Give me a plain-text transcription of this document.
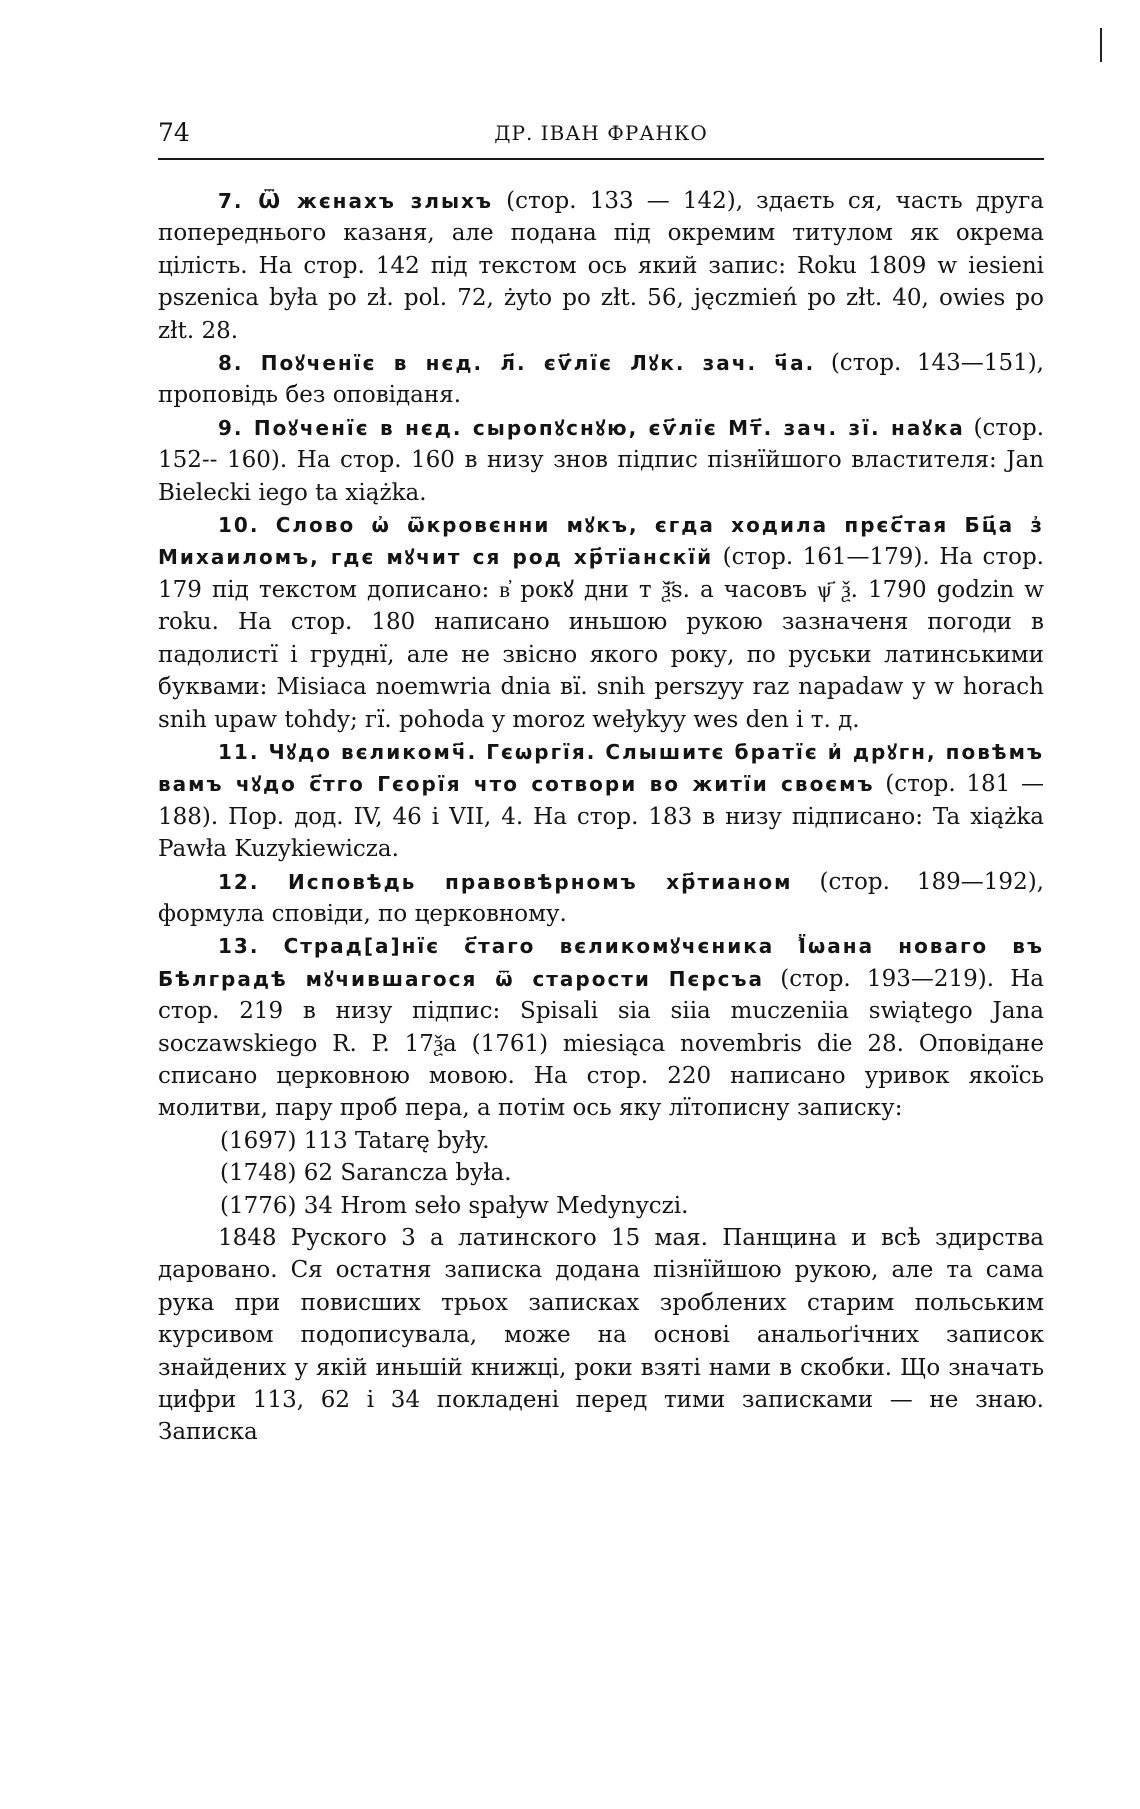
74	ДР. ІВАН ФРАНКО

7. Ѿ жєнахъ злыхъ (стор. 133 — 142), здаєть ся, часть друга попереднього казаня, але подана під окремим титулом як окрема цілість. На стор. 142 під текстом ось який запис: Roku 1809 w iesieni pszenica była po zł. pol. 72, żyto po złt. 56, jęczmień po złt. 40, owies po złt. 28.

8. Поꙋченїє в нєд. л҃. єѵ҃лїє Лꙋк. зач. ч҃а. (стор. 143—151), проповідь без оповіданя.

9. Поꙋченїє в нєд. сыропꙋснꙋю, єѵ҃лїє Мт҃. зач. зї. наꙋка (стор. 152-- 160). На стор. 160 в низу знов підпис пізнїйшого властителя: Jan Bielecki iego ta xiążka.

10. Слово ѡ҆ ѿкровєнни мꙋкъ, єгда ходила прєс҃тая Бц҃а з҆ Михаиломъ, гдє мꙋчит ся род хр҃тїанскїй (стор. 161—179). На стор. 179 під текстом дописано: в҆ рокꙋ дни т ѯ҃ѕ. а часовъ ѱ҃ ѯ. 1790 godzin w roku. На стор. 180 написано иньшою рукою зазначеня погоди в падолистї і груднї, але не звісно якого року, по руськи латинськими буквами: Misiaca noemwria dnia вї. snih perszyy raz napadaw y w horach snih upaw tohdy; гї. pohoda y moroz wełykyy wes den i т. д.

11. Чꙋдо вєликомч҃. Гєѡргїя. Слышитє братїє и҆ дрꙋгн, повѣмъ вамъ чꙋдо с҃тго Гєорїя что сотвори во житїи своємъ (стор. 181 — 188). Пор. дод. IV, 46 і VII, 4. На стор. 183 в низу підписано: Ta xiążka Pawła Kuzykiewicza.

12. Исповѣдь правовѣрномъ хр҃тианом (стор. 189—192), формула сповіди, по церковному.

13. Страд[а]нїє с҃таго вєликомꙋчєника Ї҆ѡана новаго въ Бѣлградѣ мꙋчившагося ѿ старости Пєрсъа (стор. 193—219). На стор. 219 в низу підпис: Spisali sia siia muczeniia swiątego Jana soczawskiego R. P. 17ѯа (1761) miesiąca novembris die 28. Оповідане списано церковною мовою. На стор. 220 написано уривок якоїсь молитви, пару проб пера, а потім ось яку лїтописну записку:

(1697) 113 Tatarę były.

(1748) 62 Sarancza była.

(1776) 34 Hrom seło spaływ Medynyczi.

1848 Руского 3 а латинского 15 мая. Панщина и всѣ здирства даровано. Ся остатня записка додана пізнїйшою рукою, але та сама рука при повисших трьох записках зроблених старим польським курсивом подописувала, може на основі анальоґічних записок знайдених у якій иньшій книжці, роки взяті нами в скобки. Що значать цифри 113, 62 і 34 покладені перед тими записками — не знаю. Записка
